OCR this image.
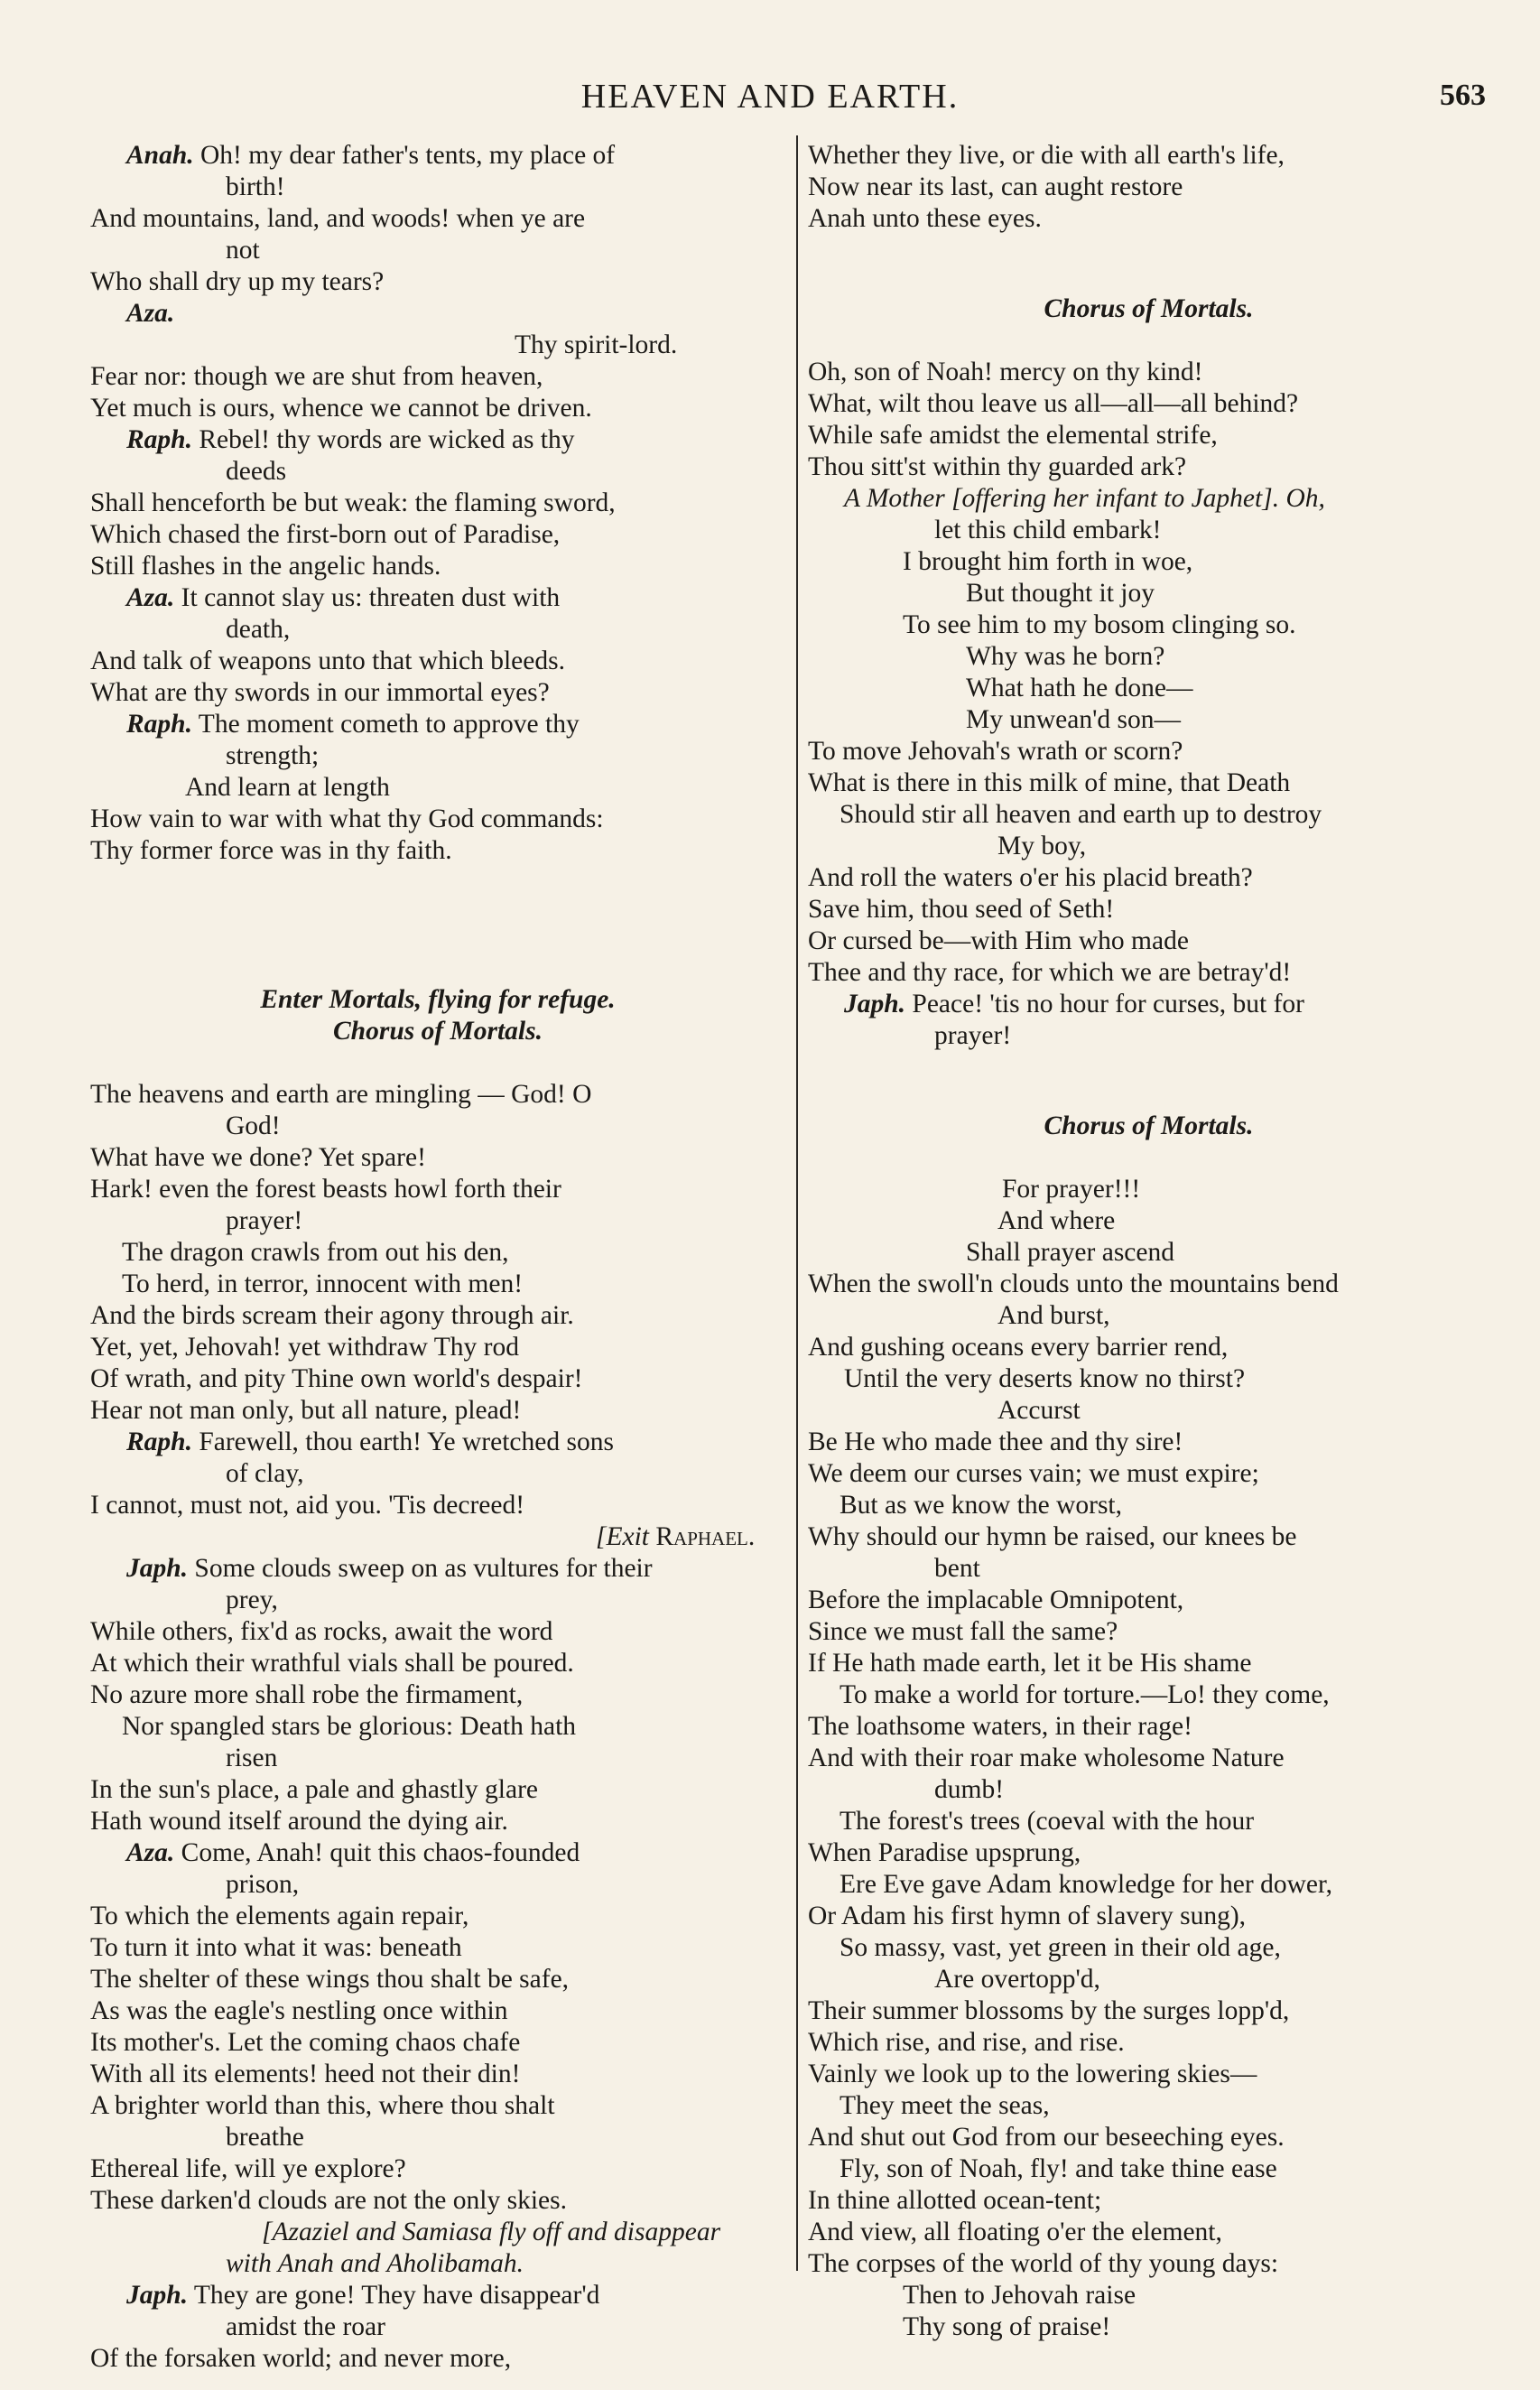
HEAVEN AND EARTH.	563
Anah. Oh! my dear father's tents, my place of
birth!
And mountains, land, and woods! when ye are
not
Who shall dry up my tears?
Aza.
Thy spirit-lord.
Fear nor: though we are shut from heaven,
Yet much is ours, whence we cannot be driven.
Raph. Rebel! thy words are wicked as thy
deeds
Shall henceforth be but weak: the flaming sword,
Which chased the first-born out of Paradise,
Still flashes in the angelic hands.
Aza. It cannot slay us: threaten dust with
death,
And talk of weapons unto that which bleeds.
What are thy swords in our immortal eyes?
Raph. The moment cometh to approve thy
strength;
And learn at length
How vain to war with what thy God commands:
Thy former force was in thy faith.
Enter Mortals, flying for refuge.
Chorus of Mortals.
The heavens and earth are mingling — God! O
God!
What have we done? Yet spare!
Hark! even the forest beasts howl forth their
prayer!
The dragon crawls from out his den,
To herd, in terror, innocent with men!
And the birds scream their agony through air.
Yet, yet, Jehovah! yet withdraw Thy rod
Of wrath, and pity Thine own world's despair!
Hear not man only, but all nature, plead!
Raph. Farewell, thou earth! Ye wretched sons
of clay,
I cannot, must not, aid you. 'Tis decreed!
[Exit Raphael.
Japh. Some clouds sweep on as vultures for their
prey,
While others, fix'd as rocks, await the word
At which their wrathful vials shall be poured.
No azure more shall robe the firmament,
Nor spangled stars be glorious: Death hath
risen
In the sun's place, a pale and ghastly glare
Hath wound itself around the dying air.
Aza. Come, Anah! quit this chaos-founded
prison,
To which the elements again repair,
To turn it into what it was: beneath
The shelter of these wings thou shalt be safe,
As was the eagle's nestling once within
Its mother's. Let the coming chaos chafe
With all its elements! heed not their din!
A brighter world than this, where thou shalt
breathe
Ethereal life, will ye explore?
These darken'd clouds are not the only skies.
[Azaziel and Samiasa fly off and disappear
with Anah and Aholibamah.
Japh. They are gone! They have disappear'd
amidst the roar
Of the forsaken world; and never more,
Whether they live, or die with all earth's life,
Now near its last, can aught restore
Anah unto these eyes.
Chorus of Mortals.
Oh, son of Noah! mercy on thy kind!
What, wilt thou leave us all—all—all behind?
While safe amidst the elemental strife,
Thou sitt'st within thy guarded ark?
A Mother [offering her infant to Japhet]. Oh,
let this child embark!
I brought him forth in woe,
But thought it joy
To see him to my bosom clinging so.
Why was he born?
What hath he done—
My unwean'd son—
To move Jehovah's wrath or scorn?
What is there in this milk of mine, that Death
Should stir all heaven and earth up to destroy
My boy,
And roll the waters o'er his placid breath?
Save him, thou seed of Seth!
Or cursed be—with Him who made
Thee and thy race, for which we are betray'd!
Japh. Peace! 'tis no hour for curses, but for
prayer!
Chorus of Mortals.
For prayer!!!
And where
Shall prayer ascend
When the swoll'n clouds unto the mountains bend
And burst,
And gushing oceans every barrier rend,
Until the very deserts know no thirst?
Accurst
Be He who made thee and thy sire!
We deem our curses vain; we must expire;
But as we know the worst,
Why should our hymn be raised, our knees be
bent
Before the implacable Omnipotent,
Since we must fall the same?
If He hath made earth, let it be His shame
To make a world for torture.—Lo! they come,
The loathsome waters, in their rage!
And with their roar make wholesome Nature
dumb!
The forest's trees (coeval with the hour
When Paradise upsprung,
Ere Eve gave Adam knowledge for her dower,
Or Adam his first hymn of slavery sung),
So massy, vast, yet green in their old age,
Are overtopp'd,
Their summer blossoms by the surges lopp'd,
Which rise, and rise, and rise.
Vainly we look up to the lowering skies—
They meet the seas,
And shut out God from our beseeching eyes.
Fly, son of Noah, fly! and take thine ease
In thine allotted ocean-tent;
And view, all floating o'er the element,
The corpses of the world of thy young days:
Then to Jehovah raise
Thy song of praise!
